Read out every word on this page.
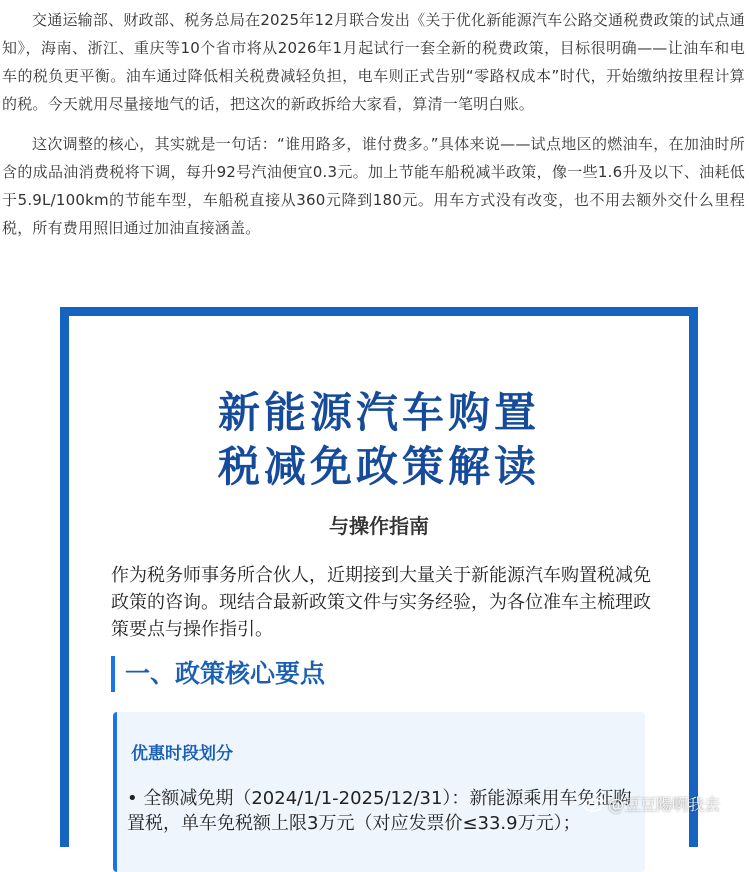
交通运输部、财政部、税务总局在2025年12月联合发出《关于优化新能源汽车公路交通税费政策的试点通知》，海南、浙江、重庆等10个省市将从2026年1月起试行一套全新的税费政策，目标很明确——让油车和电车的税负更平衡。油车通过降低相关税费减轻负担，电车则正式告别“零路权成本”时代，开始缴纳按里程计算的税。今天就用尽量接地气的话，把这次的新政拆给大家看，算清一笔明白账。

这次调整的核心，其实就是一句话：“谁用路多，谁付费多。”具体来说——试点地区的燃油车，在加油时所含的成品油消费税将下调，每升92号汽油便宜0.3元。加上节能车船税减半政策，像一些1.6升及以下、油耗低于5.9L/100km的节能车型，车船税直接从360元降到180元。用车方式没有改变，也不用去额外交什么里程税，所有费用照旧通过加油直接涵盖。

新能源汽车购置
税减免政策解读
与操作指南
作为税务师事务所合伙人，近期接到大量关于新能源汽车购置税减免政策的咨询。现结合最新政策文件与实务经验，为各位准车主梳理政策要点与操作指引。
一、政策核心要点
优惠时段划分
• 全额减免期（2024/1/1-2025/12/31）：新能源乘用车免征购置税，单车免税额上限3万元（对应发票价≤33.9万元）；
@豆豆陽啊我去
